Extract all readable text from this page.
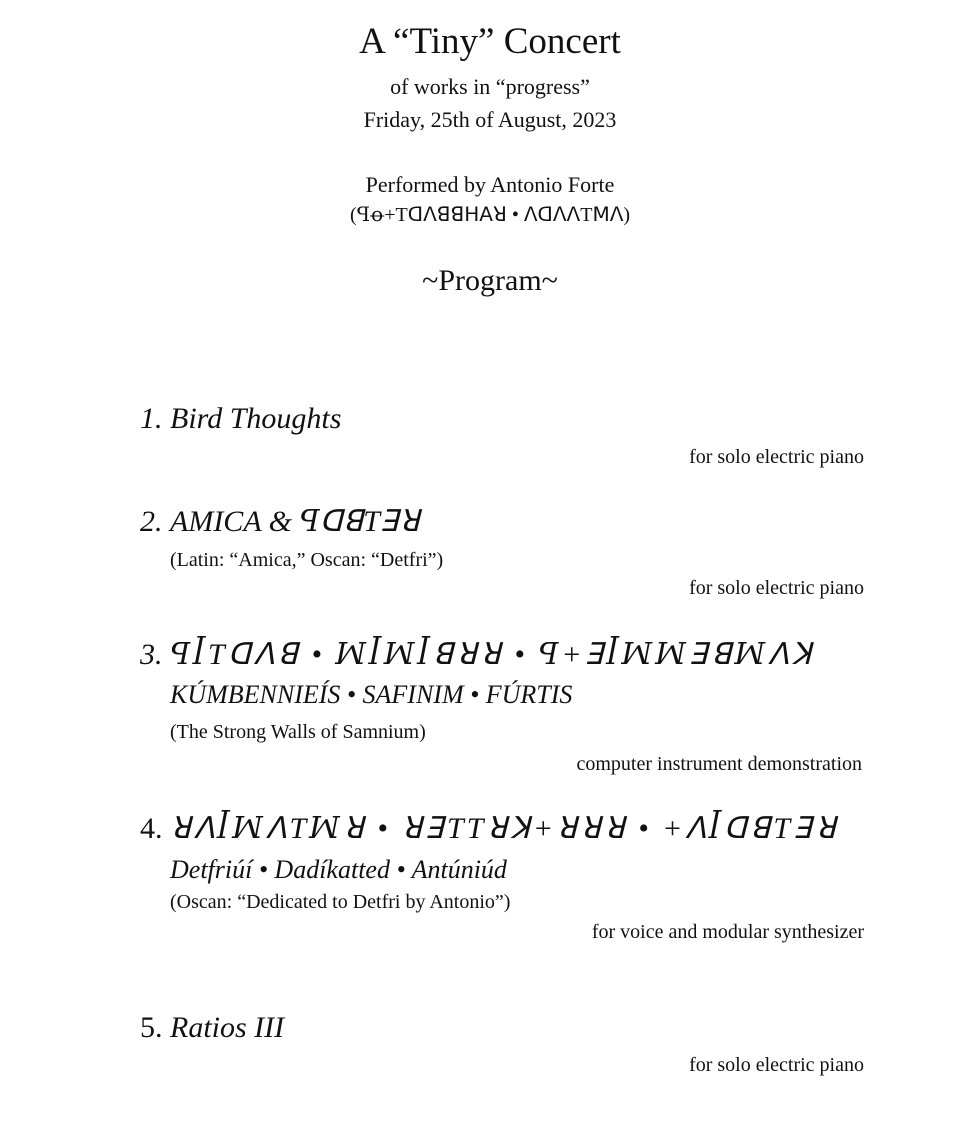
A “Tiny” Concert
of works in “progress”
Friday, 25th of August, 2023
Performed by Antonio Forte
(ꟼꝋ+Tꓷꓥꓭꓭꓧꓮꓤ • ꓥꓷꓥꓥTꓟꓥ)
~Program~
1. Bird Thoughts
for solo electric piano
2. AMICA & ꟼꓷꓭTꓱꓤ
(Latin: “Amica,” Oscan: “Detfri”)
for solo electric piano
3. ꟼꟾTꓷꓥꓭ • ꟽꟾꟽꟾꓭꓤꓤ • ꟼ+ꓱꟾꟽꟽꓱꓭꟽꓥꓘ
KÚMBENNIEÍS • SAFINIM • FÚRTIS
(The Strong Walls of Samnium)
computer instrument demonstration
4. ꓤꓥꟾꟽꓥTꟽꓤ • ꓤꓱTTꓤꓘ+ꓤꓤꓤ • +ꓥꟾꓷꓭTꓱꓤ
Detfriúí • Dadíkatted • Antúniúd
(Oscan: “Dedicated to Detfri by Antonio”)
for voice and modular synthesizer
5. Ratios III
for solo electric piano
